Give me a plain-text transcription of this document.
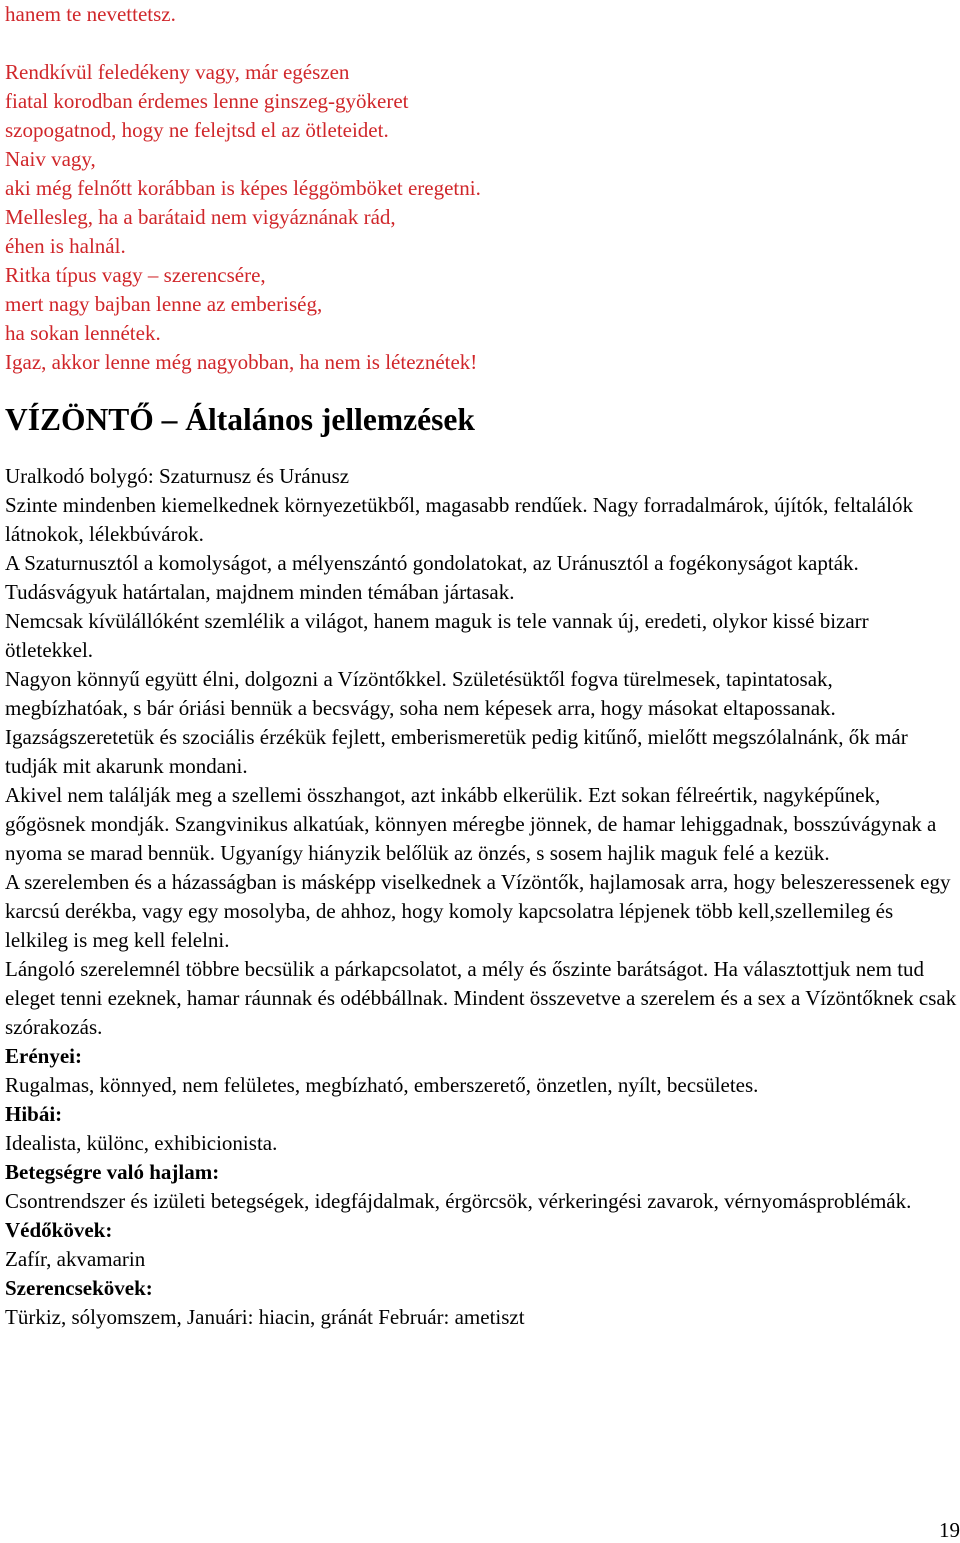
hanem te nevettetsz.

Rendkívül feledékeny vagy, már egészen
fiatal korodban érdemes lenne ginszeg-gyökeret
szopogatnod, hogy ne felejtsd el az ötleteidet.
Naiv vagy,
aki még felnőtt korábban is képes léggömböket eregetni.
Mellesleg, ha a barátaid nem vigyáznának rád,
éhen is halnál.
Ritka típus vagy – szerencsére,
mert nagy bajban lenne az emberiség,
ha sokan lennétek.
Igaz, akkor lenne még nagyobban, ha nem is léteznétek!
VÍZÖNTŐ – Általános jellemzések

Uralkodó bolygó: Szaturnusz és Uránusz

Szinte mindenben kiemelkednek környezetükből, magasabb rendűek. Nagy forradalmárok, újítók, feltalálók látnokok, lélekbúvárok.

A Szaturnusztól a komolyságot, a mélyenszántó gondolatokat, az Uránusztól a fogékonyságot kapták. Tudásvágyuk határtalan, majdnem minden témában jártasak.

Nemcsak kívülállóként szemlélik a világot, hanem maguk is tele vannak új, eredeti, olykor kissé bizarr ötletekkel.

Nagyon könnyű együtt élni, dolgozni a Vízöntőkkel. Születésüktől fogva türelmesek, tapintatosak, megbízhatóak, s bár óriási bennük a becsvágy, soha nem képesek arra, hogy másokat eltapossanak.

Igazságszeretetük és szociális érzékük fejlett, emberismeretük pedig kitűnő, mielőtt megszólalnánk, ők már tudják mit akarunk mondani.

Akivel nem találják meg a szellemi összhangot, azt inkább elkerülik. Ezt sokan félreértik, nagyképűnek, gőgösnek mondják. Szangvinikus alkatúak, könnyen méregbe jönnek, de hamar lehiggadnak, bosszúvágynak a nyoma se marad bennük. Ugyanígy hiányzik belőlük az önzés, s sosem hajlik maguk felé a kezük.

A szerelemben és a házasságban is másképp viselkednek a Vízöntők, hajlamosak arra, hogy beleszeressenek egy karcsú derékba, vagy egy mosolyba, de ahhoz, hogy komoly kapcsolatra lépjenek több kell,szellemileg és lelkileg is meg kell felelni.

Lángoló szerelemnél többre becsülik a párkapcsolatot, a mély és őszinte barátságot. Ha választottjuk nem tud eleget tenni ezeknek, hamar ráunnak és odébbállnak. Mindent összevetve a szerelem és a sex a Vízöntőknek csak szórakozás.

Erényei:

Rugalmas, könnyed, nem felületes, megbízható, emberszerető, önzetlen, nyílt, becsületes.

Hibái:

Idealista, különc, exhibicionista.

Betegségre való hajlam:

Csontrendszer és izületi betegségek, idegfájdalmak, érgörcsök, vérkeringési zavarok, vérnyomásproblémák.

Védőkövek:

Zafír, akvamarin

Szerencsekövek:

Türkiz, sólyomszem, Januári: hiacin, gránát Február: ametiszt

19
